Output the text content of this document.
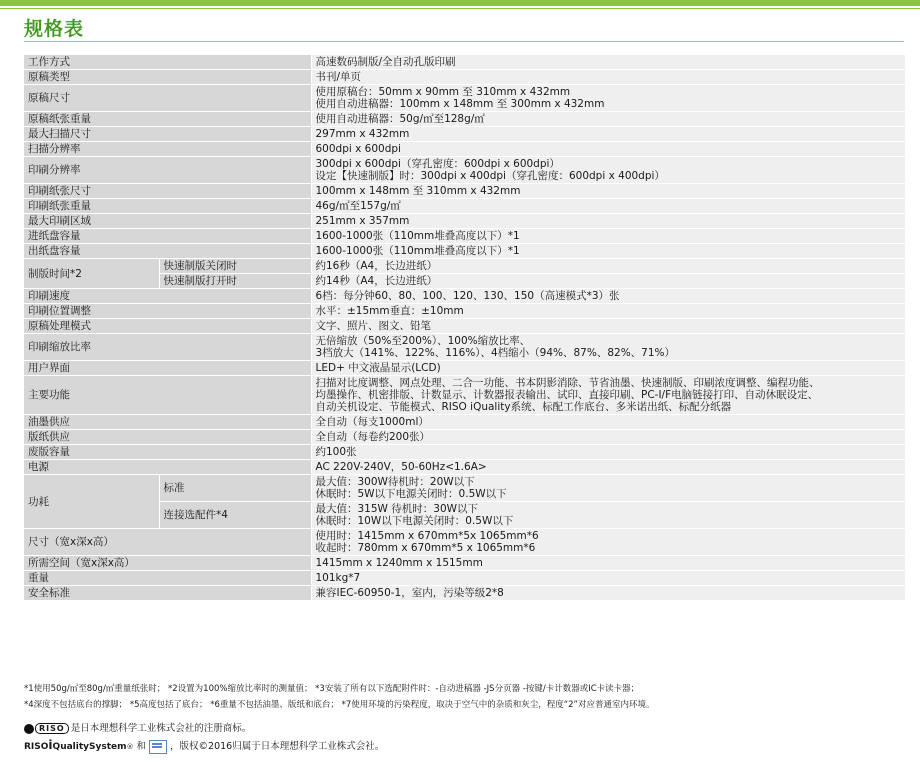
规格表
工作方式		高速数码制版/全自动孔版印刷

原稿类型		书刊/单页

原稿尺寸		使用原稿台：50mm x 90mm 至 310mm x 432mm
使用自动进稿器：100mm x 148mm 至 300mm x 432mm

原稿纸张重量		使用自动进稿器：50g/㎡至128g/㎡

最大扫描尺寸		297mm x 432mm

扫描分辨率		600dpi x 600dpi

印刷分辨率		300dpi x 600dpi（穿孔密度：600dpi x 600dpi）
设定【快速制版】时：300dpi x 400dpi（穿孔密度：600dpi x 400dpi）

印刷纸张尺寸		100mm x 148mm 至 310mm x 432mm

印刷纸张重量		46g/㎡至157g/㎡

最大印刷区域		251mm x 357mm

进纸盘容量		1600-1000张（110mm堆叠高度以下）*1

出纸盘容量		1600-1000张（110mm堆叠高度以下）*1

制版时间*2	快速制版关闭时	约16秒（A4，长边进纸）

	快速制版打开时	约14秒（A4，长边进纸）

印刷速度		6档：每分钟60、80、100、120、130、150（高速模式*3）张

印刷位置调整		水平：±15mm垂直：±10mm

原稿处理模式		文字、照片、图文、铅笔

印刷缩放比率		无倍缩放（50%至200%）、100%缩放比率、
3档放大（141%、122%、116%）、4档缩小（94%、87%、82%、71%）

用户界面		LED+ 中文液晶显示(LCD)

主要功能		扫描对比度调整、网点处理、二合一功能、书本阴影消除、节省油墨、快速制版、印刷浓度调整、编程功能、
均墨操作、机密排版、计数显示、计数器报表输出、试印、直接印刷、PC-I/F电脑链接打印、自动休眠设定、
自动关机设定、节能模式、RISO iQuality系统、标配工作底台、多米诺出纸、标配分纸器

油墨供应		全自动（每支1000ml）

版纸供应		全自动（每卷约200张）

废版容量		约100张

电源		AC 220V-240V，50-60Hz<1.6A>

功耗	标准	最大值：300W待机时：20W以下
休眠时：5W以下电源关闭时：0.5W以下

	连接选配件*4	最大值：315W 待机时：30W以下
休眠时：10W以下电源关闭时：0.5W以下

尺寸（宽x深x高）		使用时：1415mm x 670mm*5x 1065mm*6
收起时：780mm x 670mm*5 x 1065mm*6

所需空间（宽x深x高）		1415mm x 1240mm x 1515mm

重量		101kg*7

安全标准		兼容IEC-60950-1，室内，污染等级2*8
*1使用50g/㎡至80g/㎡重量纸张时； *2设置为100%缩放比率时的测量值； *3安装了所有以下选配附件时：-自动进稿器 -JS分页器 -按键/卡计数器或IC卡读卡器；
*4深度不包括底台的撑脚； *5高度包括了底台； *6重量不包括油墨、版纸和底台； *7使用环境的污染程度，取决于空气中的杂质和灰尘，程度“2”对应普通室内环境。
RISO 是日本理想科学工业株式会社的注册商标。
RISOiQualitySystem® 和	，版权©2016归属于日本理想科学工业株式会社。
